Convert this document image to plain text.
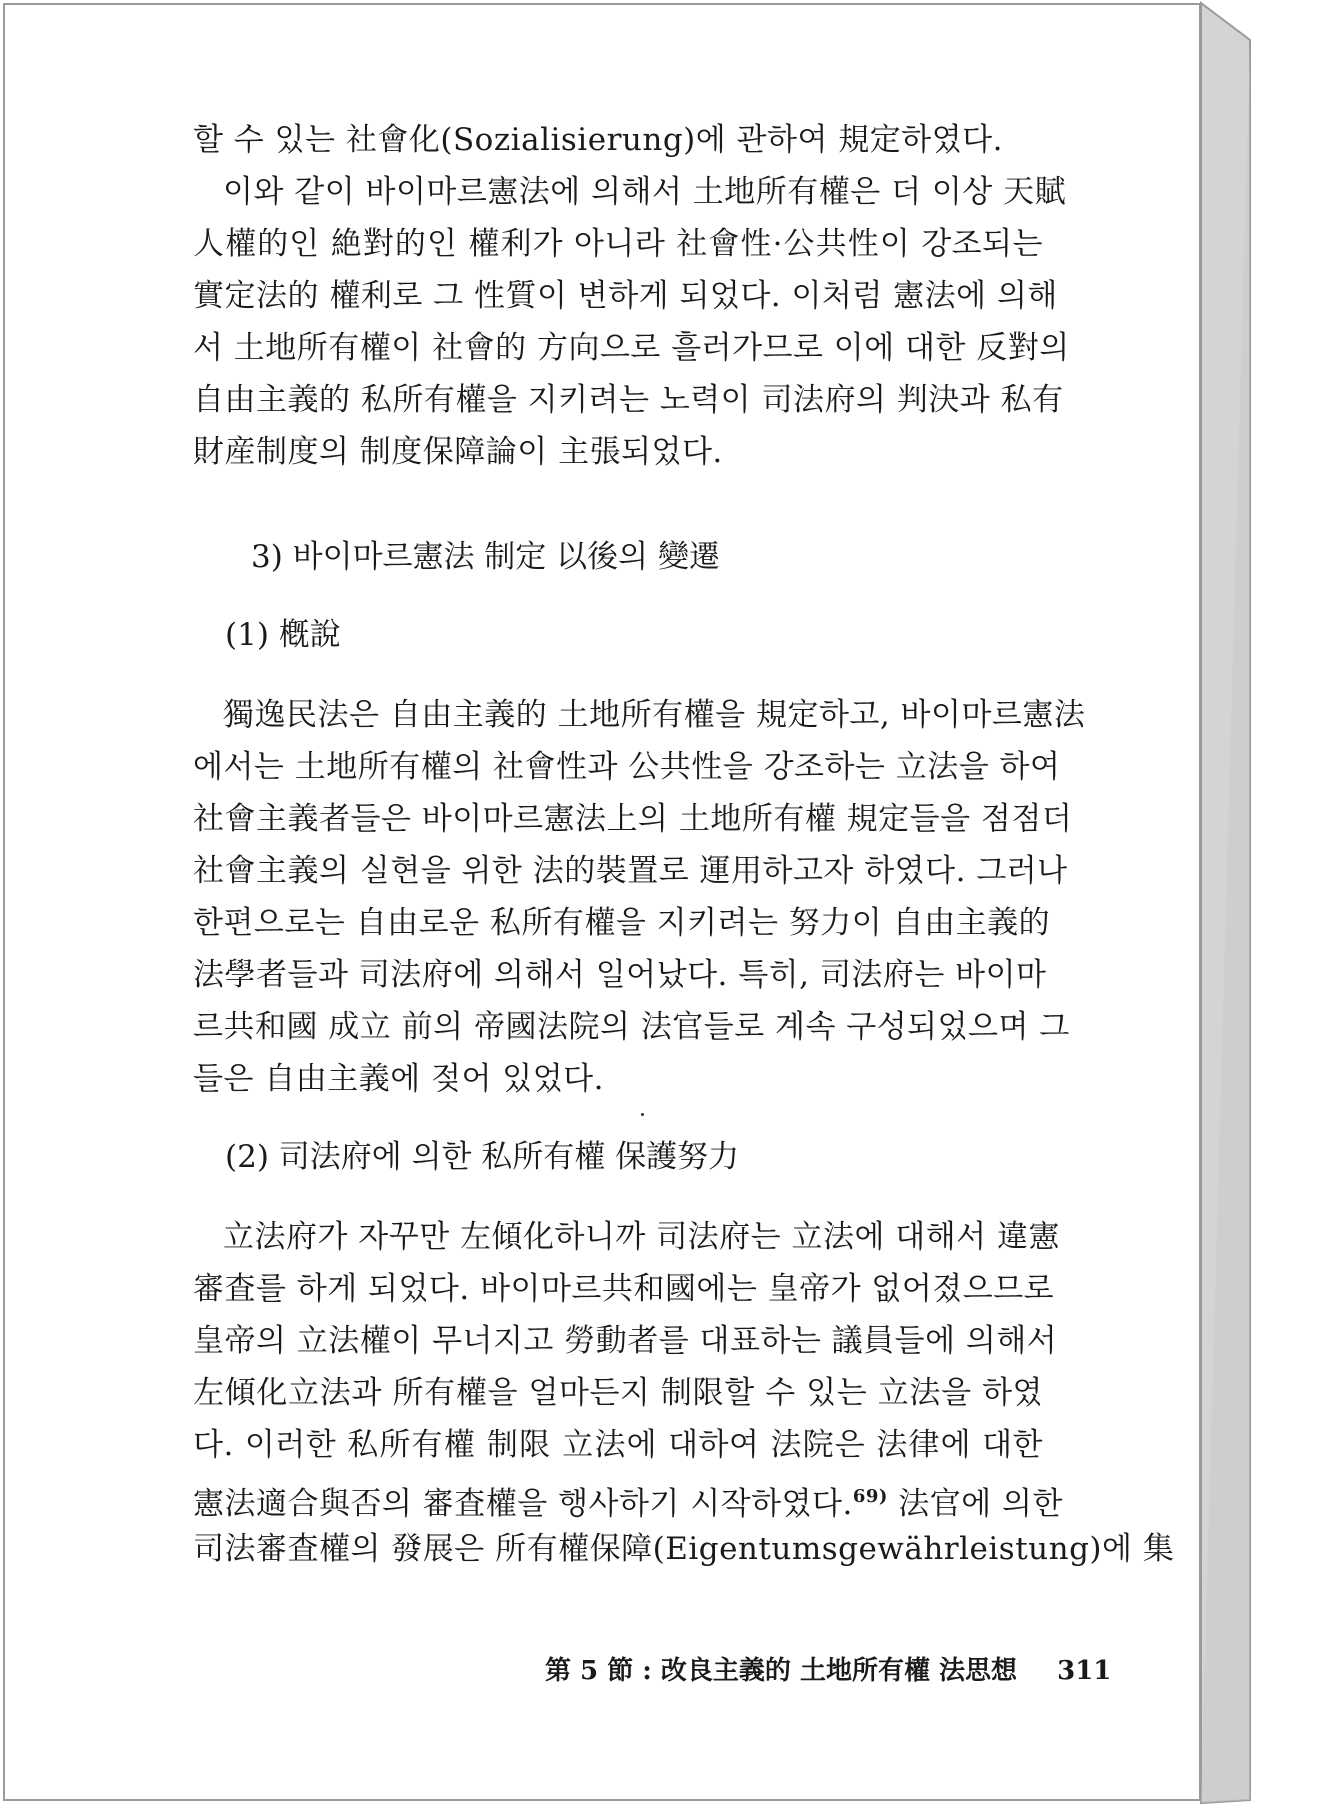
할 수 있는 社會化(Sozialisierung)에 관하여 規定하였다.
이와 같이 바이마르憲法에 의해서 土地所有權은 더 이상 天賦
人權的인 絶對的인 權利가 아니라 社會性·公共性이 강조되는
實定法的 權利로 그 性質이 변하게 되었다. 이처럼 憲法에 의해
서 土地所有權이 社會的 方向으로 흘러가므로 이에 대한 反對의
自由主義的 私所有權을 지키려는 노력이 司法府의 判決과 私有
財産制度의 制度保障論이 主張되었다.
3) 바이마르憲法 制定 以後의 變遷
(1) 槪說
獨逸民法은 自由主義的 土地所有權을 規定하고, 바이마르憲法
에서는 土地所有權의 社會性과 公共性을 강조하는 立法을 하여
社會主義者들은 바이마르憲法上의 土地所有權 規定들을 점점더
社會主義의 실현을 위한 法的裝置로 運用하고자 하였다. 그러나
한편으로는 自由로운 私所有權을 지키려는 努力이 自由主義的
法學者들과 司法府에 의해서 일어났다. 특히, 司法府는 바이마
르共和國 成立 前의 帝國法院의 法官들로 계속 구성되었으며 그
들은 自由主義에 젖어 있었다.
(2) 司法府에 의한 私所有權 保護努力
立法府가 자꾸만 左傾化하니까 司法府는 立法에 대해서 違憲
審査를 하게 되었다. 바이마르共和國에는 皇帝가 없어졌으므로
皇帝의 立法權이 무너지고 勞動者를 대표하는 議員들에 의해서
左傾化立法과 所有權을 얼마든지 制限할 수 있는 立法을 하였
다. 이러한 私所有權 制限 立法에 대하여 法院은 法律에 대한
憲法適合與否의 審査權을 행사하기 시작하였다.$^{69)}$ 法官에 의한
司法審査權의 發展은 所有權保障(Eigentumsgewährleistung)에 集
第 5 節 : 改良主義的 土地所有權 法思想 311
